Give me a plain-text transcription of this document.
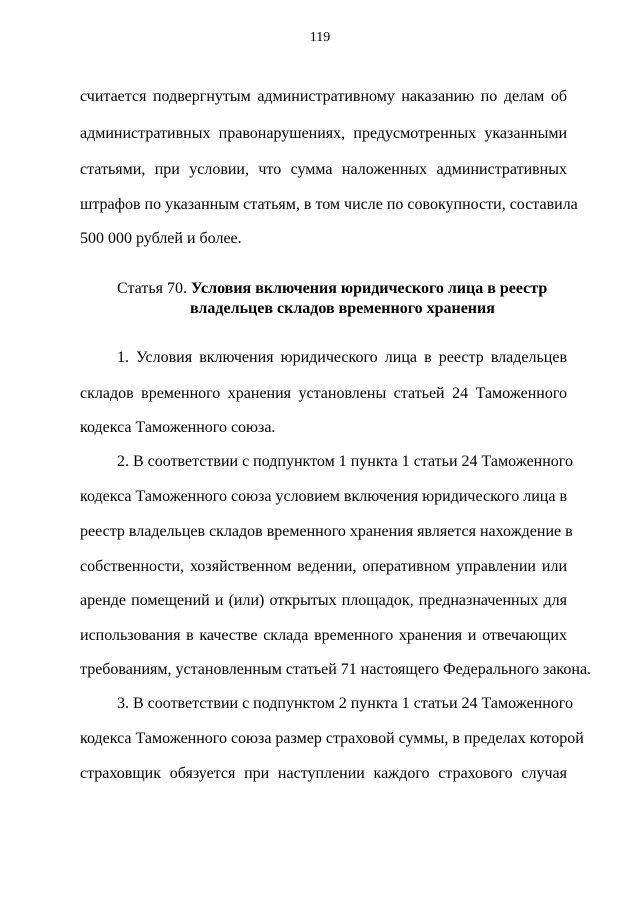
119
считается подвергнутым административному наказанию по делам об
административных правонарушениях, предусмотренных указанными
статьями, при условии, что сумма наложенных административных
штрафов по указанным статьям, в том числе по совокупности, составила
500 000 рублей и более.
Статья 70. Условия включения юридического лица в реестр
владельцев складов временного хранения
1. Условия включения юридического лица в реестр владельцев
складов временного хранения установлены статьей 24 Таможенного
кодекса Таможенного союза.
2. В соответствии с подпунктом 1 пункта 1 статьи 24 Таможенного
кодекса Таможенного союза условием включения юридического лица в
реестр владельцев складов временного хранения является нахождение в
собственности, хозяйственном ведении, оперативном управлении или
аренде помещений и (или) открытых площадок, предназначенных для
использования в качестве склада временного хранения и отвечающих
требованиям, установленным статьей 71 настоящего Федерального закона.
3. В соответствии с подпунктом 2 пункта 1 статьи 24 Таможенного
кодекса Таможенного союза размер страховой суммы, в пределах которой
страховщик обязуется при наступлении каждого страхового случая
